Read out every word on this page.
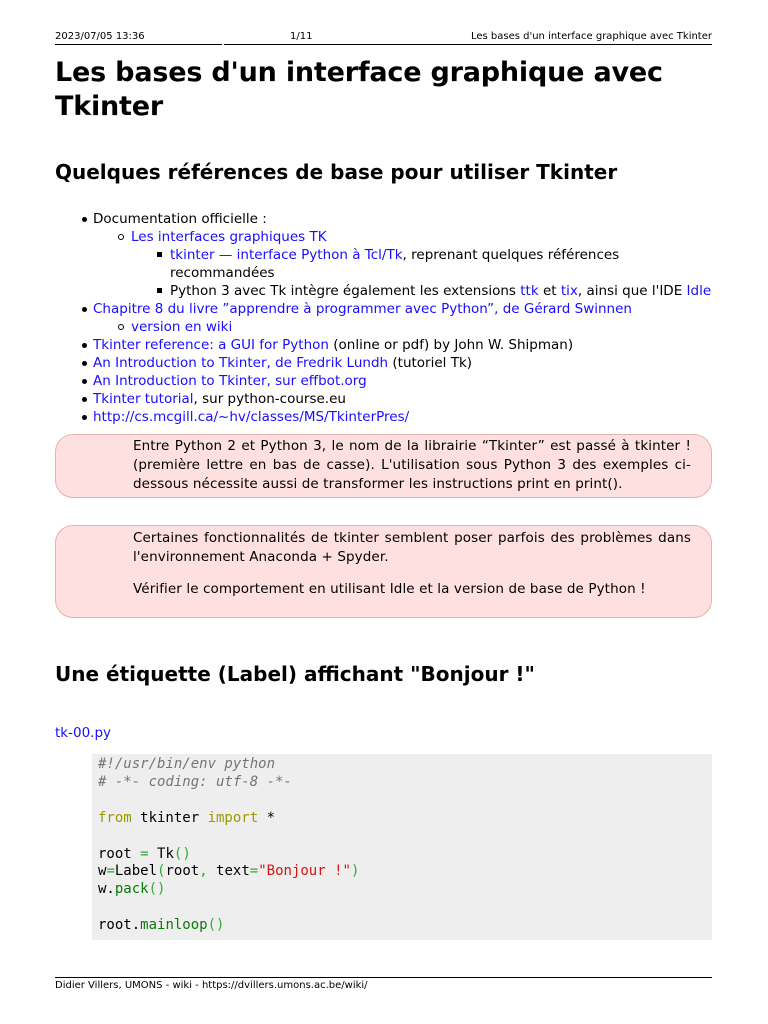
2023/07/05 13:36	1/11	Les bases d'un interface graphique avec Tkinter
Les bases d'un interface graphique avec Tkinter
Quelques références de base pour utiliser Tkinter
Documentation officielle :
Les interfaces graphiques TK
tkinter — interface Python à Tcl/Tk, reprenant quelques références recommandées
Python 3 avec Tk intègre également les extensions ttk et tix, ainsi que l'IDE Idle
Chapitre 8 du livre ”apprendre à programmer avec Python”, de Gérard Swinnen
version en wiki
Tkinter reference: a GUI for Python (online or pdf) by John W. Shipman)
An Introduction to Tkinter, de Fredrik Lundh (tutoriel Tk)
An Introduction to Tkinter, sur effbot.org
Tkinter tutorial, sur python-course.eu
http://cs.mcgill.ca/~hv/classes/MS/TkinterPres/

Entre Python 2 et Python 3, le nom de la librairie “Tkinter” est passé à tkinter ! (première lettre en bas de casse). L'utilisation sous Python 3 des exemples ci-dessous nécessite aussi de transformer les instructions print en print().

Certaines fonctionnalités de tkinter semblent poser parfois des problèmes dans l'environnement Anaconda + Spyder.

Vérifier le comportement en utilisant Idle et la version de base de Python !

Une étiquette (Label) affichant "Bonjour !"
tk-00.py
#!/usr/bin/env python
# -*- coding: utf-8 -*-

from tkinter import *

root = Tk()
w=Label(root, text="Bonjour !")
w.pack()

root.mainloop()
Didier Villers, UMONS - wiki - https://dvillers.umons.ac.be/wiki/
